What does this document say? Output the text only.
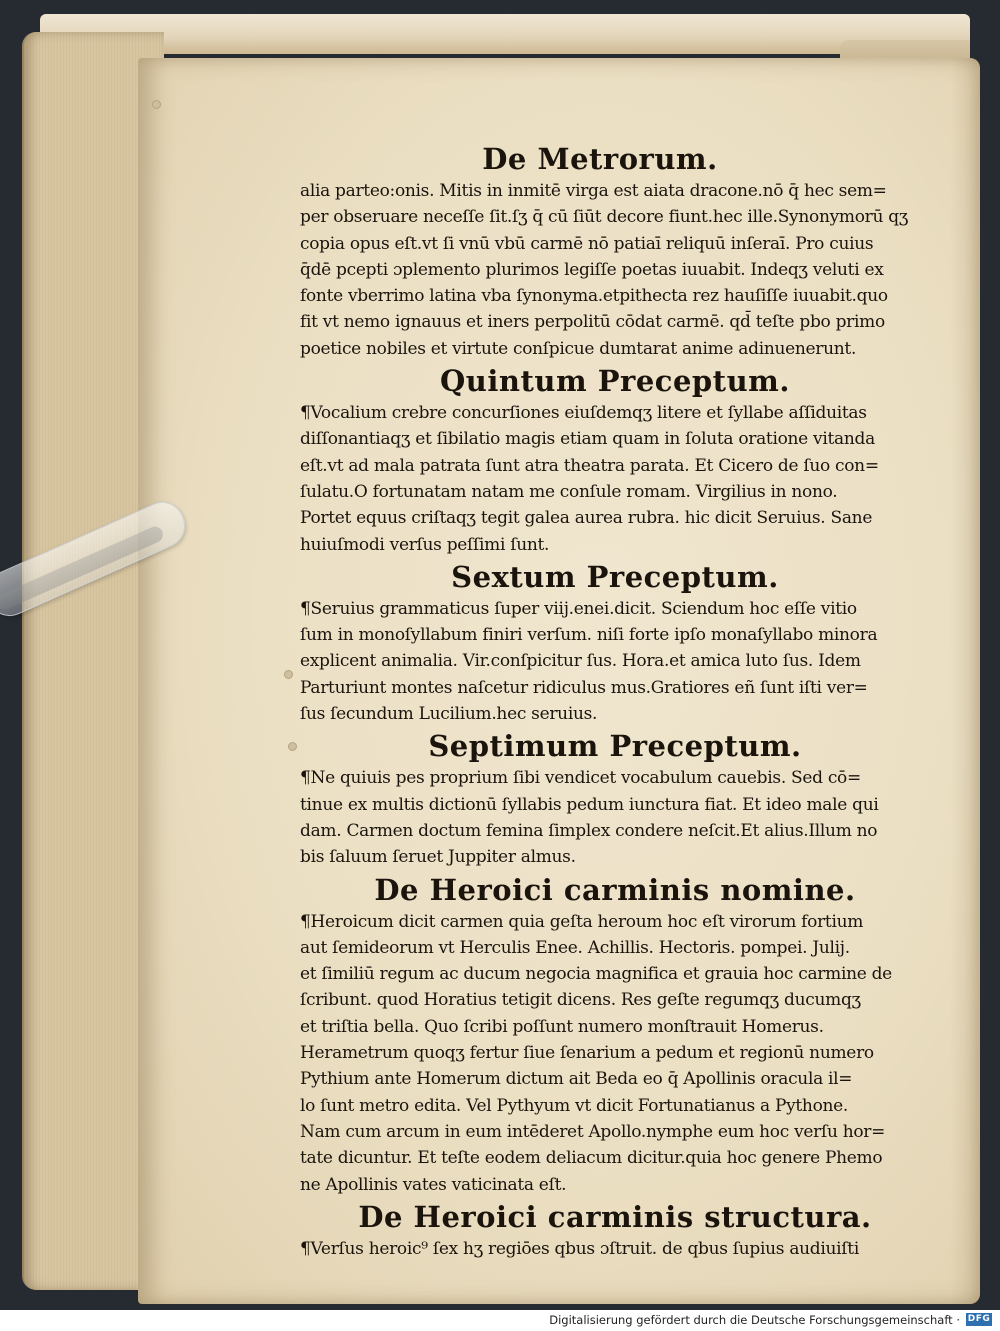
De Metrorum.

alia parteo:onis. Mitis in inmitē virga est aiata dracone.nō q̄ hec sem=

per obseruare neceſſe ſit.ſʒ q̄ cū ſiūt decore fiunt.hec ille.Synonymorū qʒ

copia opus eſt.vt ſi vnū vbū carmē nō patiaī reliquū inſeraī. Pro cuius

q̄dē pcepti ɔplemento plurimos legiſſe poetas iuuabit. Indeqʒ veluti ex

fonte vberrimo latina vba ſynonyma.etpithecta rez hauſiſſe iuuabit.quo

fit vt nemo ignauus et iners perpolitū cōdat carmē. qd̄ teſte pbo primo

poetice nobiles et virtute conſpicue dumtarat anime adinuenerunt.

Quintum Preceptum.

¶Vocalium crebre concurſiones eiuſdemqʒ litere et ſyllabe aſſiduitas

diſſonantiaqʒ et ſibilatio magis etiam quam in ſoluta oratione vitanda

eſt.vt ad mala patrata ſunt atra theatra parata. Et Cicero de ſuo con=

ſulatu.O fortunatam natam me conſule romam. Virgilius in nono.

Portet equus criſtaqʒ tegit galea aurea rubra. hic dicit Seruius. Sane

huiuſmodi verſus peſſimi ſunt.

Sextum Preceptum.

¶Seruius grammaticus ſuper viij.enei.dicit. Sciendum hoc eſſe vitio

ſum in monoſyllabum finiri verſum. niſi forte ipſo monaſyllabo minora

explicent animalia. Vir.conſpicitur ſus. Hora.et amica luto ſus. Idem

Parturiunt montes naſcetur ridiculus mus.Gratiores eñ ſunt iſti ver=

ſus ſecundum Lucilium.hec seruius.

Septimum Preceptum.

¶Ne quiuis pes proprium ſibi vendicet vocabulum cauebis. Sed cō=

tinue ex multis dictionū ſyllabis pedum iunctura fiat. Et ideo male qui

dam. Carmen doctum femina ſimplex condere neſcit.Et alius.Illum no

bis ſaluum ſeruet Juppiter almus.

De Heroici carminis nomine.

¶Heroicum dicit carmen quia geſta heroum hoc eſt virorum fortium

aut ſemideorum vt Herculis Enee. Achillis. Hectoris. pompei. Julij.

et ſimiliū regum ac ducum negocia magnifica et grauia hoc carmine de

ſcribunt. quod Horatius tetigit dicens. Res geſte regumqʒ ducumqʒ

et triſtia bella. Quo ſcribi poſſunt numero monſtrauit Homerus.

Herametrum quoqʒ fertur ſiue ſenarium a pedum et regionū numero

Pythium ante Homerum dictum ait Beda eo q̄ Apollinis oracula il=

lo ſunt metro edita. Vel Pythyum vt dicit Fortunatianus a Pythone.

Nam cum arcum in eum intēderet Apollo.nymphe eum hoc verſu hor=

tate dicuntur. Et teſte eodem deliacum dicitur.quia hoc genere Phemo

ne Apollinis vates vaticinata eſt.

De Heroici carminis structura.

¶Verſus heroic⁹ ſex hʒ regiōes qbus ɔſtruit. de qbus ſupius audiuiſti

Digitalisierung gefördert durch die Deutsche Forschungsgemeinschaft · DFG
